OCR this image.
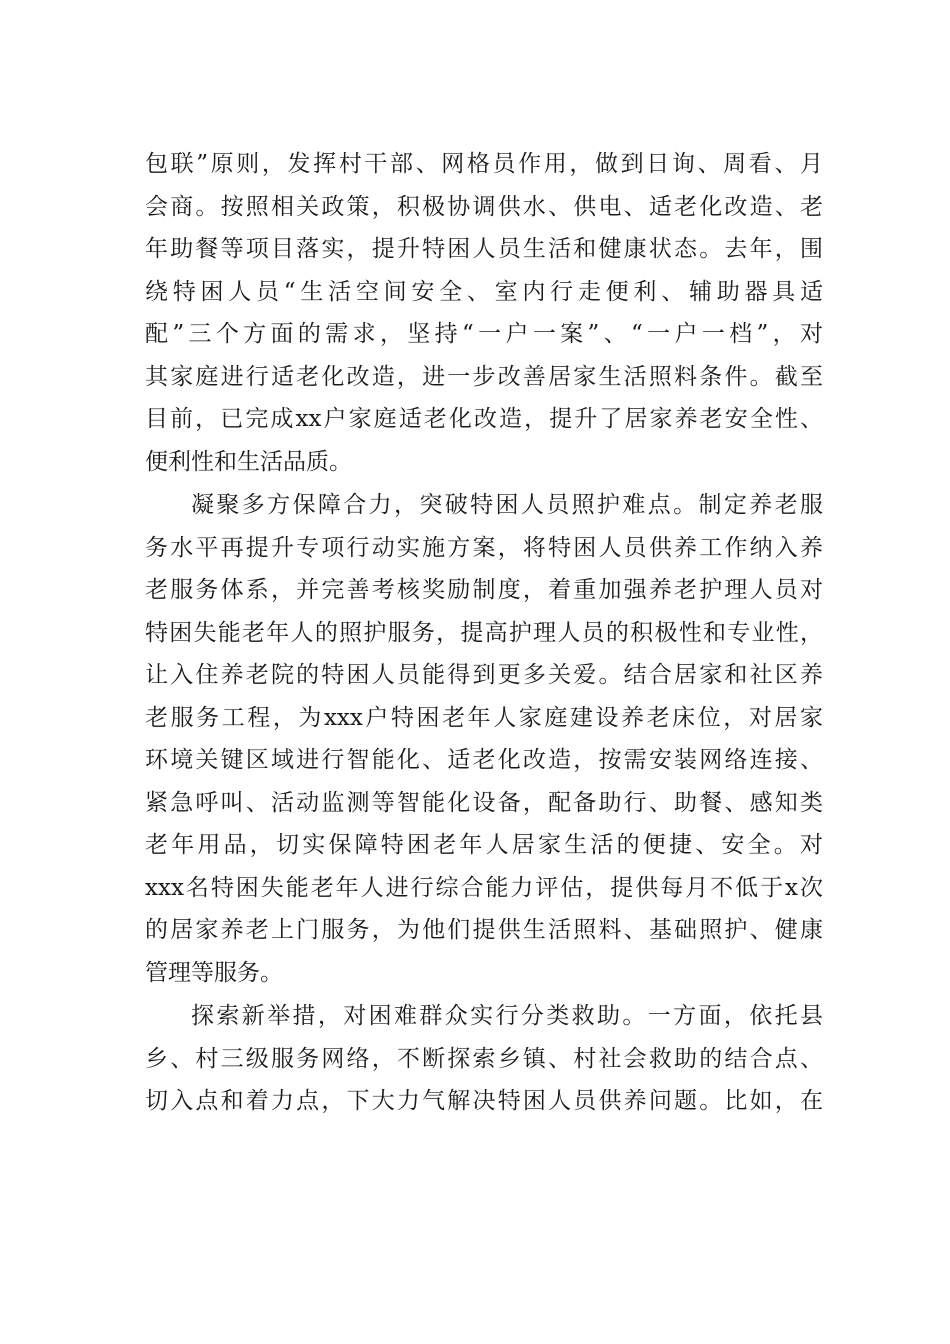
包联”原则，发挥村干部、网格员作用，做到日询、周看、月
会商。按照相关政策，积极协调供水、供电、适老化改造、老
年助餐等项目落实，提升特困人员生活和健康状态。去年，围
绕特困人员“生活空间安全、室内行走便利、辅助器具适
配”三个方面的需求，坚持“一户一案”、“一户一档”，对
其家庭进行适老化改造，进一步改善居家生活照料条件。截至
目前，已完成xx户家庭适老化改造，提升了居家养老安全性、
便利性和生活品质。
凝聚多方保障合力，突破特困人员照护难点。制定养老服
务水平再提升专项行动实施方案，将特困人员供养工作纳入养
老服务体系，并完善考核奖励制度，着重加强养老护理人员对
特困失能老年人的照护服务，提高护理人员的积极性和专业性，
让入住养老院的特困人员能得到更多关爱。结合居家和社区养
老服务工程，为xxx户特困老年人家庭建设养老床位，对居家
环境关键区域进行智能化、适老化改造，按需安装网络连接、
紧急呼叫、活动监测等智能化设备，配备助行、助餐、感知类
老年用品，切实保障特困老年人居家生活的便捷、安全。对
xxx名特困失能老年人进行综合能力评估，提供每月不低于x次
的居家养老上门服务，为他们提供生活照料、基础照护、健康
管理等服务。
探索新举措，对困难群众实行分类救助。一方面，依托县
乡、村三级服务网络，不断探索乡镇、村社会救助的结合点、
切入点和着力点，下大力气解决特困人员供养问题。比如，在
